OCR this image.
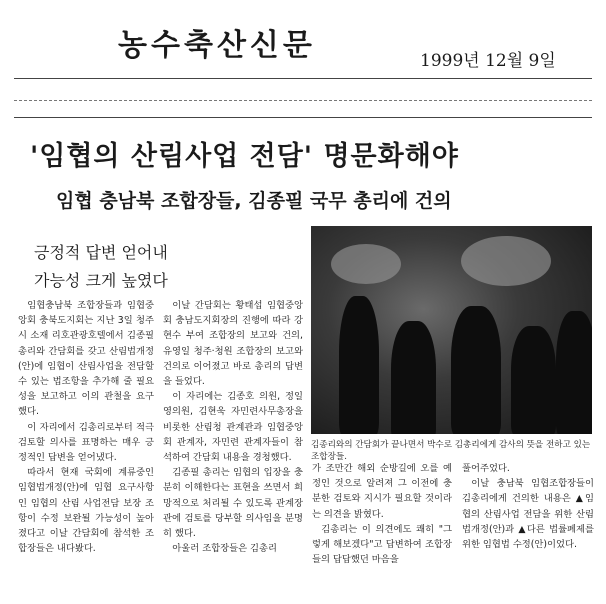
농수축산신문	1999년 12월 9일
'임협의 산림사업 전담' 명문화해야
임협 충남북 조합장들, 김종필 국무 총리에 건의
긍정적 답변 얻어내
가능성 크게 높였다
김종리와의 간담회가 끝나면서 박수로 김총리에게 감사의 뜻을 전하고 있는 조합장들.

임협충남북 조합장들과 임협중앙회 충북도지회는 지난 3일 청주시 소재 리호관광호텔에서 김종필총리와 간담회를 갖고 산림법개정(안)에 임협이 산림사업을 전담할 수 있는 법조항을 추가해 줄 필요성을 보고하고 이의 관철을 요구했다.

이 자리에서 김총리로부터 적극 검토할 의사를 표명하는 매우 긍정적인 답변을 얻어냈다.

따라서 현재 국회에 계류중인 임협법개정(안)에 임협 요구사항인 임협의 산림 사업전담 보장 조항이 수정 보완될 가능성이 높아졌다고 이날 간담회에 참석한 조합장들은 내다봤다.

이날 간담회는 황태섭 임협중앙회 충남도지회장의 진행에 따라 강현수 부여 조합장의 보고와 건의, 유영일 청주·청원 조합장의 보고와 건의로 이어졌고 바로 총리의 답변을 들었다.

이 자리에는 김종호 의원, 정일영의원, 김현욱 자민련사무총장을 비롯한 산림청 관계관과 임협중앙회 관계자, 자민련 관계자들이 참석하여 간담회 내용을 경청했다.

김종필 총리는 임협의 입장을 충분히 이해한다는 표현을 쓰면서 희망적으로 처리될 수 있도록 관계장관에 검토를 당부할 의사임을 분명히 했다.

아울러 조합장들은 김총리

가 조만간 해외 순방길에 오를 예정인 것으로 알려져 그 이전에 충분한 검토와 지시가 필요할 것이라는 의견을 밝혔다.

김총리는 이 의견에도 쾌히 "그렇게 해보겠다"고 답변하여 조합장들의 답답했던 마음을

풀어주었다.

이날 충남북 임협조합장들이 김총리에게 건의한 내용은 ▲임협의 산림사업 전담을 위한 산림법개정(안)과 ▲다른 법률폐제를 위한 임협법 수정(안)이었다.
